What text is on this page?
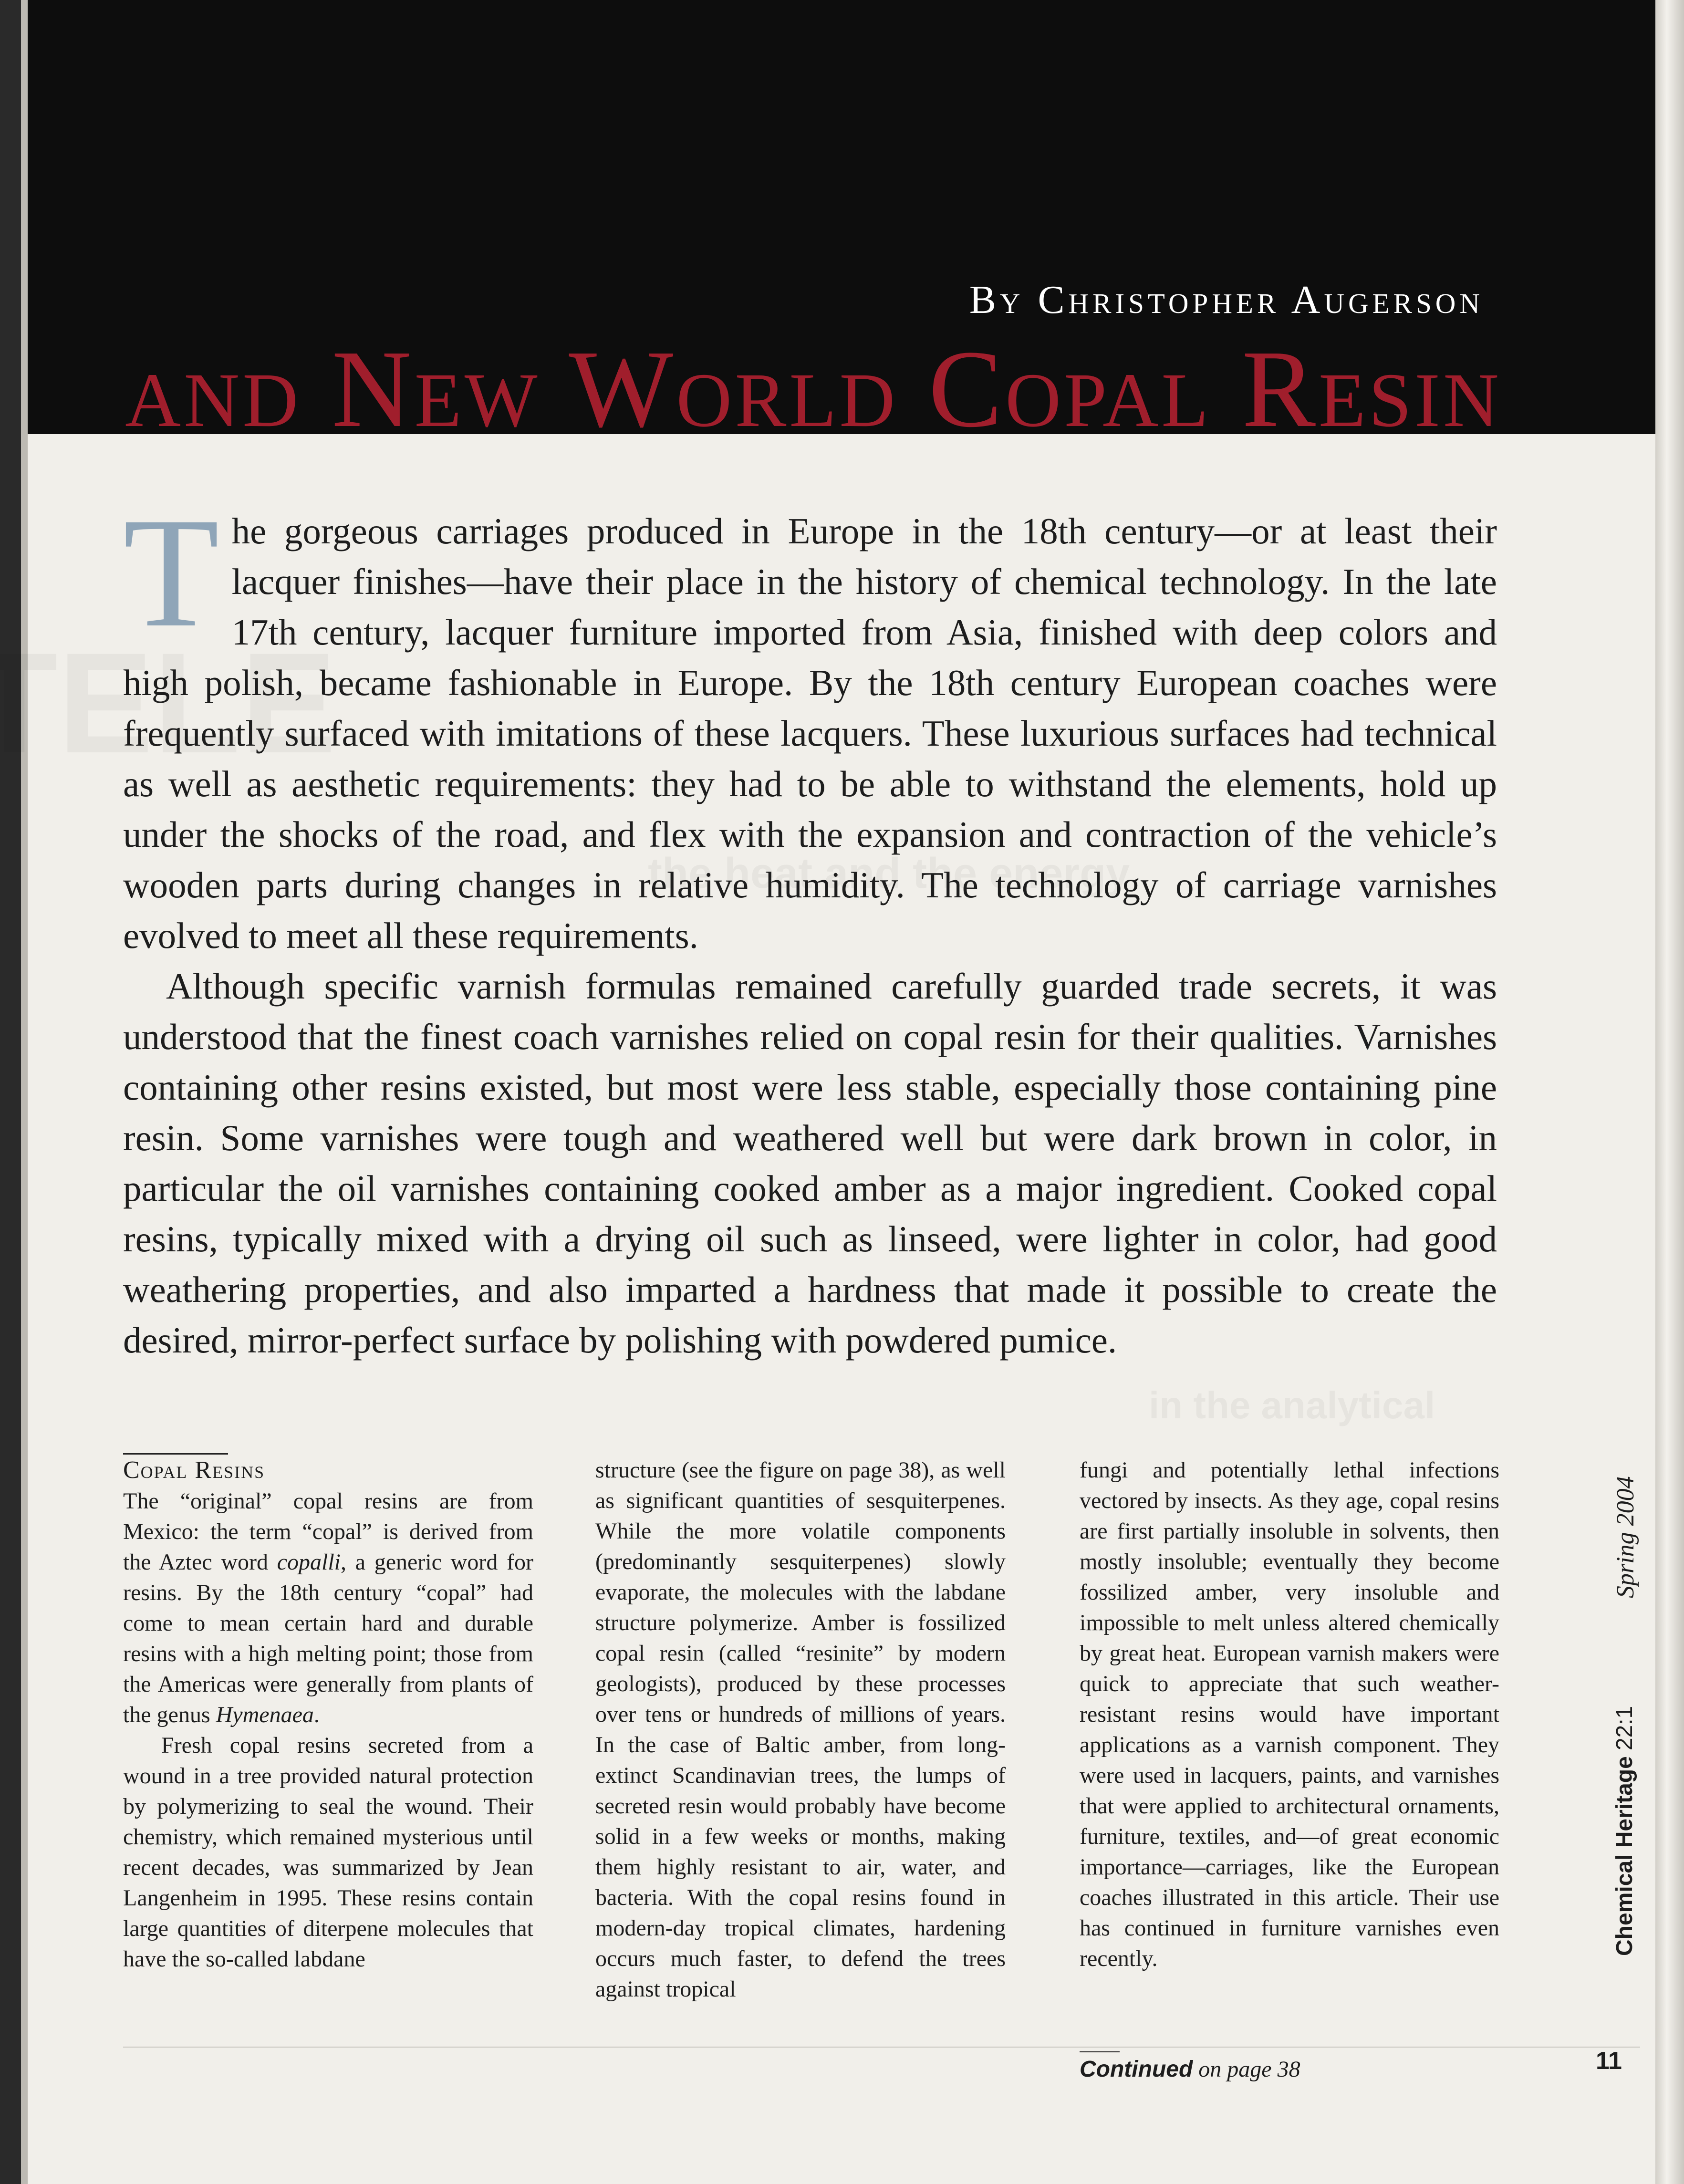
By Christopher Augerson
and New World Copal Resin

The gorgeous carriages produced in Europe in the 18th century—or at least their lacquer finishes—have their place in the history of chemical technology. In the late 17th century, lacquer furniture imported from Asia, finished with deep colors and high polish, became fashionable in Europe. By the 18th century European coaches were frequently surfaced with imitations of these lacquers. These luxurious surfaces had technical as well as aesthetic requirements: they had to be able to withstand the elements, hold up under the shocks of the road, and flex with the expansion and contraction of the vehicle’s wooden parts during changes in relative humidity. The technology of carriage varnishes evolved to meet all these requirements.

Although specific varnish formulas remained carefully guarded trade secrets, it was understood that the finest coach varnishes relied on copal resin for their qualities. Varnishes containing other resins existed, but most were less stable, especially those containing pine resin. Some varnishes were tough and weathered well but were dark brown in color, in particular the oil varnishes containing cooked amber as a major ingredient. Cooked copal resins, typically mixed with a drying oil such as linseed, were lighter in color, had good weathering properties, and also imparted a hardness that made it possible to create the desired, mirror-perfect surface by polishing with powdered pumice.

Copal Resins

The “original” copal resins are from Mexico: the term “copal” is derived from the Aztec word copalli, a generic word for resins. By the 18th century “copal” had come to mean certain hard and durable resins with a high melting point; those from the Americas were generally from plants of the genus Hymenaea.

Fresh copal resins secreted from a wound in a tree provided natural protection by polymerizing to seal the wound. Their chemistry, which remained mysterious until recent decades, was summarized by Jean Langenheim in 1995. These resins contain large quantities of diterpene molecules that have the so-called labdane

structure (see the figure on page 38), as well as significant quantities of sesquiterpenes. While the more volatile components (predominantly sesquiterpenes) slowly evaporate, the molecules with the labdane structure polymerize. Amber is fossilized copal resin (called “resinite” by modern geologists), produced by these processes over tens or hundreds of millions of years. In the case of Baltic amber, from long-extinct Scandinavian trees, the lumps of secreted resin would probably have become solid in a few weeks or months, making them highly resistant to air, water, and bacteria. With the copal resins found in modern-day tropical climates, hardening occurs much faster, to defend the trees against tropical

fungi and potentially lethal infections vectored by insects. As they age, copal resins are first partially insoluble in solvents, then mostly insoluble; eventually they become fossilized amber, very insoluble and impossible to melt unless altered chemically by great heat. European varnish makers were quick to appreciate that such weather-resistant resins would have important applications as a varnish component. They were used in lacquers, paints, and varnishes that were applied to architectural ornaments, furniture, textiles, and—of great economic importance—carriages, like the European coaches illustrated in this article. Their use has continued in furniture varnishes even recently.

Continued on page 38
Spring 2004
Chemical Heritage 22:1
11
